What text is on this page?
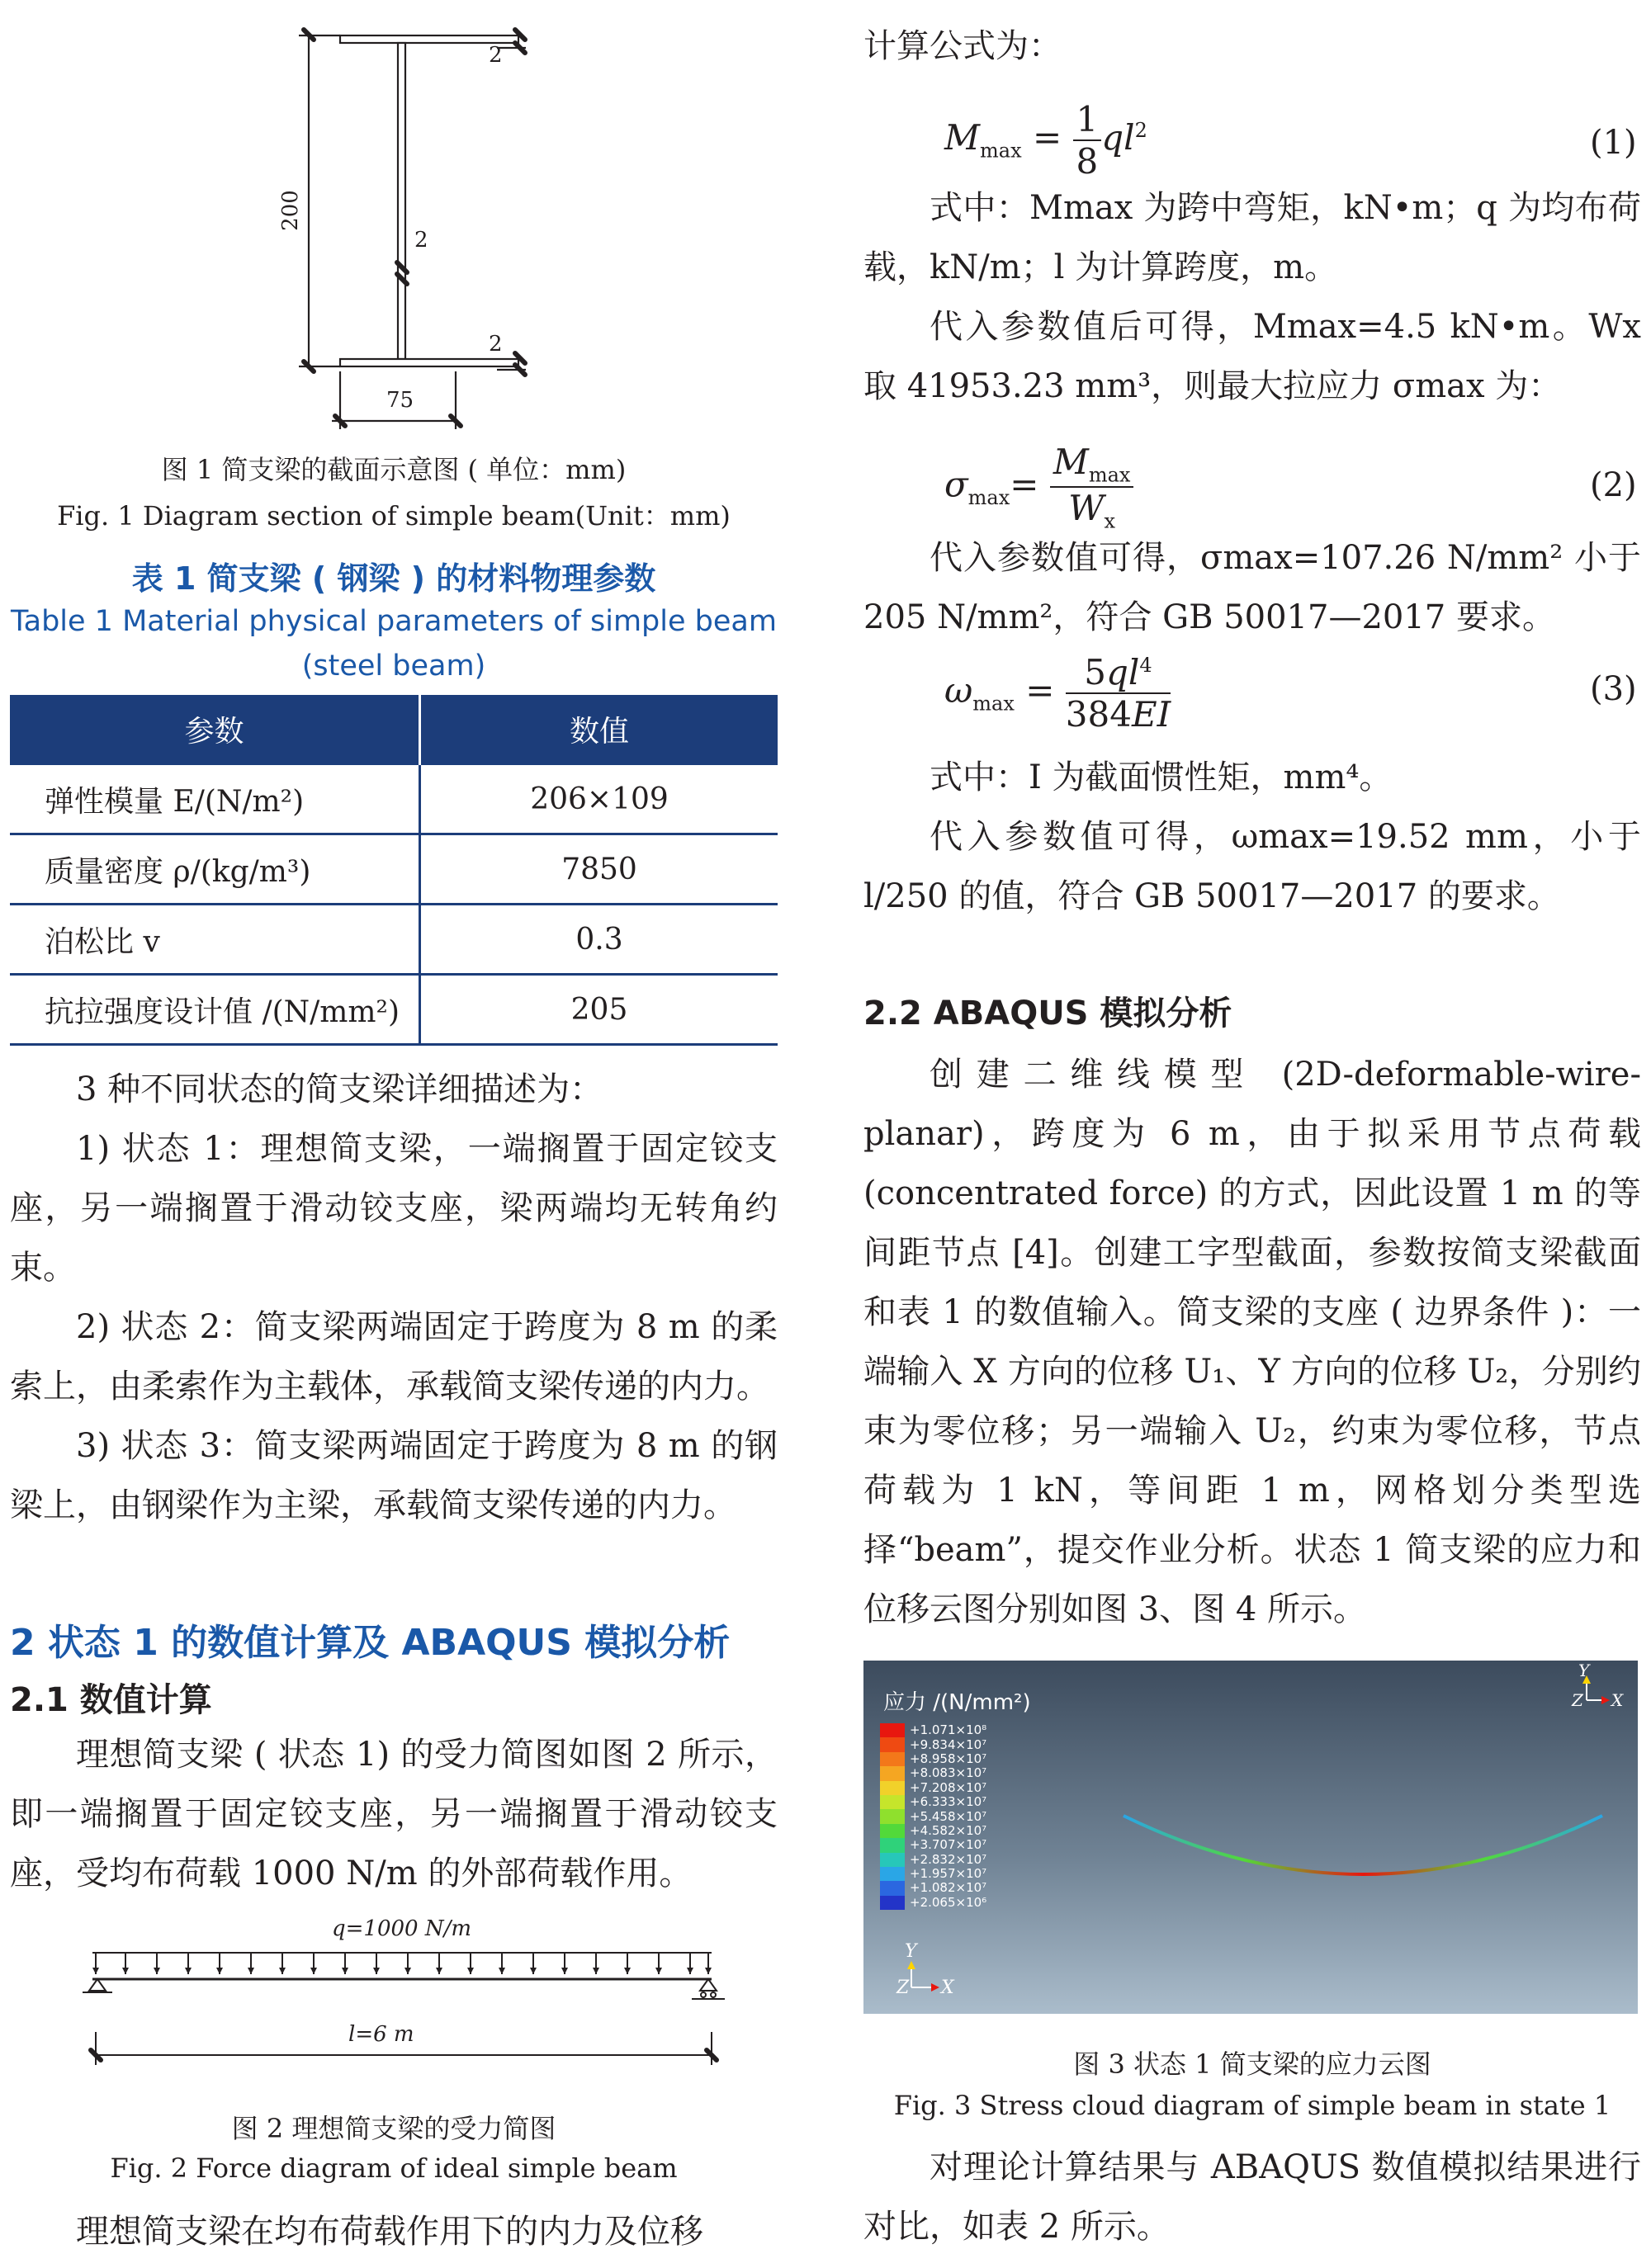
2
200
2
2
75
图 1 简支梁的截面示意图 ( 单位：mm)
Fig. 1 Diagram section of simple beam(Unit：mm)
表 1 简支梁 ( 钢梁 ) 的材料物理参数
Table 1 Material physical parameters of simple beam
(steel beam)
参数	数值
弹性模量 E/(N/m²)	206×109
质量密度 ρ/(kg/m³)	7850
泊松比 v	0.3
抗拉强度设计值 /(N/mm²)	205

3 种不同状态的简支梁详细描述为：

1) 状态 1：理想简支梁，一端搁置于固定铰支座，另一端搁置于滑动铰支座，梁两端均无转角约束。

2) 状态 2：简支梁两端固定于跨度为 8 m 的柔索上，由柔索作为主载体，承载简支梁传递的内力。

3) 状态 3：简支梁两端固定于跨度为 8 m 的钢梁上，由钢梁作为主梁，承载简支梁传递的内力。

2 状态 1 的数值计算及 ABAQUS 模拟分析
2.1 数值计算

理想简支梁 ( 状态 1) 的受力简图如图 2 所示，即一端搁置于固定铰支座，另一端搁置于滑动铰支座，受均布荷载 1000 N/m 的外部荷载作用。

q=1000 N/m
l=6 m
图 2 理想简支梁的受力简图
Fig. 2 Force diagram of ideal simple beam

理想简支梁在均布荷载作用下的内力及位移

计算公式为：

$M_{max} = \frac{1}{8} ql^2$	(1)

式中：Mmax 为跨中弯矩，kN•m；q 为均布荷载，kN/m；l 为计算跨度，m。

代入参数值后可得，Mmax=4.5 kN•m。Wx 取 41953.23 mm³，则最大拉应力 σmax 为：

$\sigma_{max}=$
$M_{max}$
$W_x$
(2)

代入参数值可得，σmax=107.26 N/mm² 小于 205 N/mm²，符合 GB 50017—2017 要求。

$\omega_{max} = \frac{5ql^4}{384EI}$	(3)

式中：I 为截面惯性矩，mm⁴。

代入参数值可得，ωmax=19.52 mm，小于 l/250 的值，符合 GB 50017—2017 的要求。

2.2 ABAQUS 模拟分析

创建二维线模型 (2D-deformable-wire-planar)，跨度为 6 m，由于拟采用节点荷载 (concentrated force) 的方式，因此设置 1 m 的等间距节点 [4]。创建工字型截面，参数按简支梁截面和表 1 的数值输入。简支梁的支座 ( 边界条件 )：一端输入 X 方向的位移 U₁、Y 方向的位移 U₂，分别约束为零位移；另一端输入 U₂，约束为零位移，节点荷载为 1 kN，等间距 1 m，网格划分类型选择“beam”，提交作业分析。状态 1 简支梁的应力和位移云图分别如图 3、图 4 所示。

应力 /(N/mm²)
+1.071×10⁸
+9.834×10⁷
+8.958×10⁷
+8.083×10⁷
+7.208×10⁷
+6.333×10⁷
+5.458×10⁷
+4.582×10⁷
+3.707×10⁷
+2.832×10⁷
+1.957×10⁷
+1.082×10⁷
+2.065×10⁶
Y
Z X
Y
Z X
图 3 状态 1 简支梁的应力云图
Fig. 3 Stress cloud diagram of simple beam in state 1

对理论计算结果与 ABAQUS 数值模拟结果进行对比，如表 2 所示。
